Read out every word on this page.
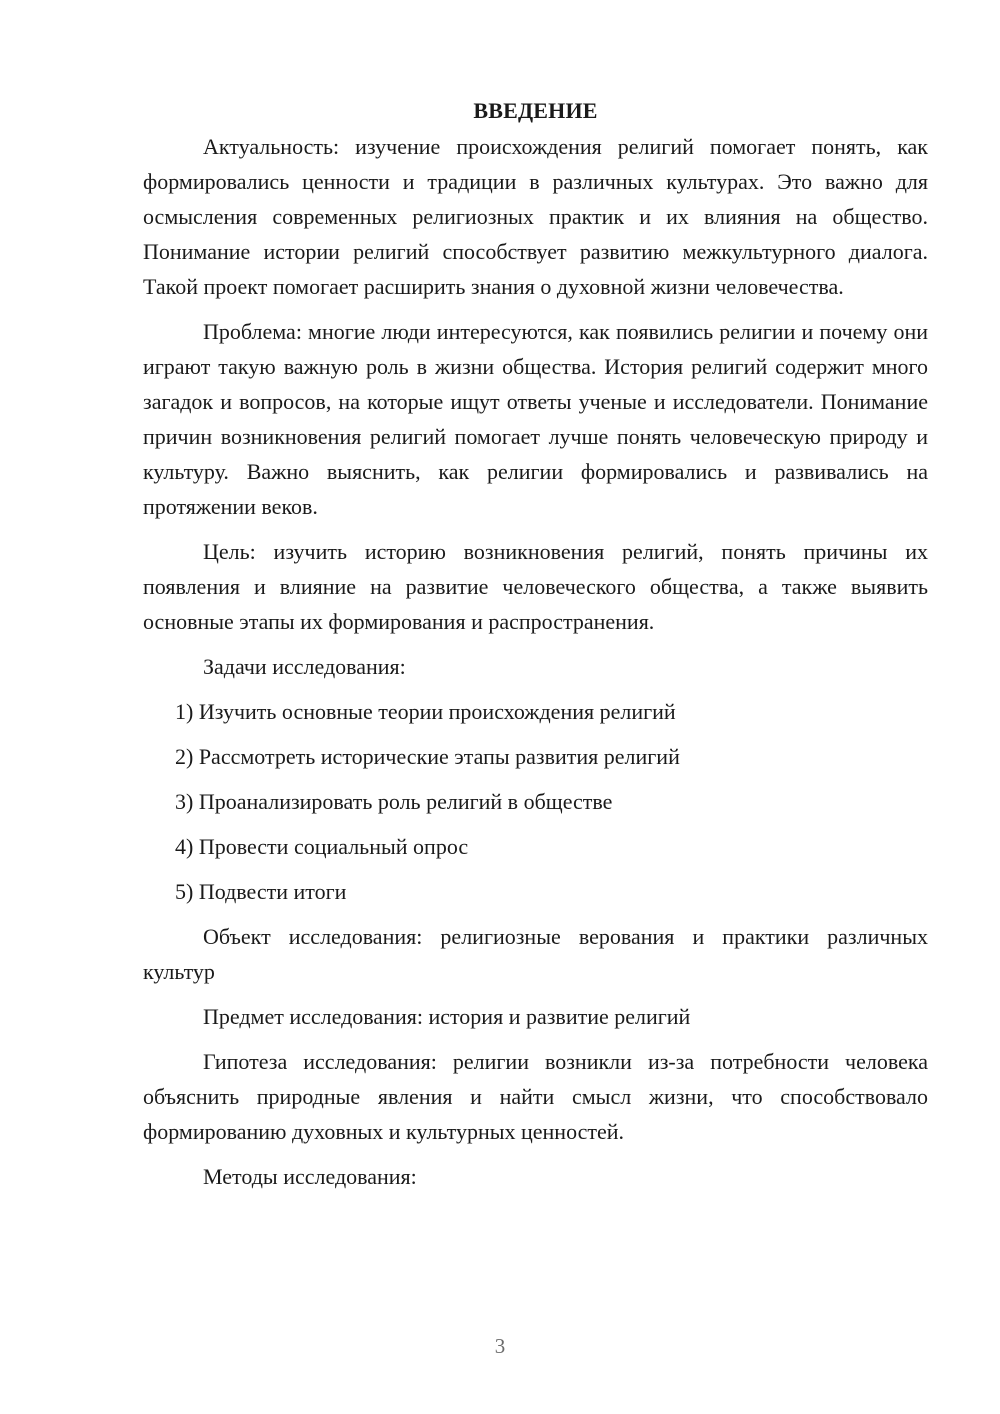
ВВЕДЕНИЕ

Актуальность: изучение происхождения религий помогает понять, как формировались ценности и традиции в различных культурах. Это важно для осмысления современных религиозных практик и их влияния на общество. Понимание истории религий способствует развитию межкультурного диалога. Такой проект помогает расширить знания о духовной жизни человечества.

Проблема: многие люди интересуются, как появились религии и почему они играют такую важную роль в жизни общества. История религий содержит много загадок и вопросов, на которые ищут ответы ученые и исследователи. Понимание причин возникновения религий помогает лучше понять человеческую природу и культуру. Важно выяснить, как религии формировались и развивались на протяжении веков.

Цель: изучить историю возникновения религий, понять причины их появления и влияние на развитие человеческого общества, а также выявить основные этапы их формирования и распространения.

Задачи исследования:

1) Изучить основные теории происхождения религий
2) Рассмотреть исторические этапы развития религий
3) Проанализировать роль религий в обществе
4) Провести социальный опрос
5) Подвести итоги

Объект исследования: религиозные верования и практики различных культур

Предмет исследования: история и развитие религий

Гипотеза исследования: религии возникли из-за потребности человека объяснить природные явления и найти смысл жизни, что способствовало формированию духовных и культурных ценностей.

Методы исследования:

3
